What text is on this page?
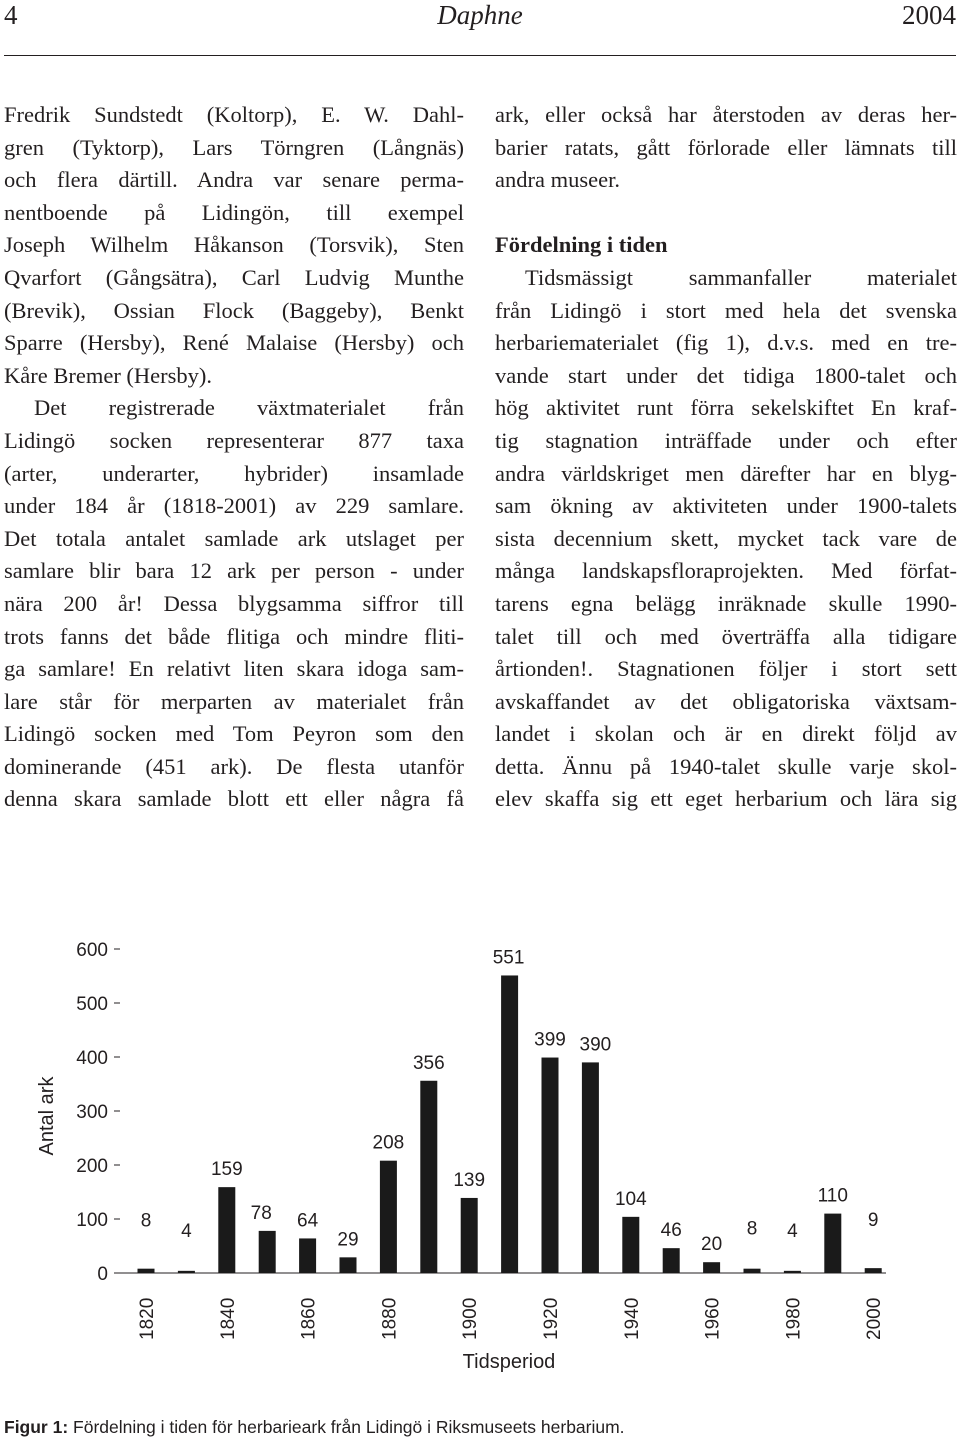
4	Daphne	2004
Fredrik Sundstedt (Koltorp), E. W. Dahl-
gren (Tyktorp), Lars Törngren (Långnäs)
och flera därtill. Andra var senare perma-
nentboende på Lidingön, till exempel
Joseph Wilhelm Håkanson (Torsvik), Sten
Qvarfort (Gångsätra), Carl Ludvig Munthe
(Brevik), Ossian Flock (Baggeby), Benkt
Sparre (Hersby), René Malaise (Hersby) och
Kåre Bremer (Hersby).
Det registrerade växtmaterialet från
Lidingö socken representerar 877 taxa
(arter, underarter, hybrider) insamlade
under 184 år (1818-2001) av 229 samlare.
Det totala antalet samlade ark utslaget per
samlare blir bara 12 ark per person - under
nära 200 år! Dessa blygsamma siffror till
trots fanns det både flitiga och mindre fliti-
ga samlare! En relativt liten skara idoga sam-
lare står för merparten av materialet från
Lidingö socken med Tom Peyron som den
dominerande (451 ark). De flesta utanför
denna skara samlade blott ett eller några få
ark, eller också har återstoden av deras her-
barier ratats, gått förlorade eller lämnats till
andra museer.
Fördelning i tiden
Tidsmässigt sammanfaller materialet
från Lidingö i stort med hela det svenska
herbariematerialet (fig 1), d.v.s. med en tre-
vande start under det tidiga 1800-talet och
hög aktivitet runt förra sekelskiftet En kraf-
tig stagnation inträffade under och efter
andra världskriget men därefter har en blyg-
sam ökning av aktiviteten under 1900-talets
sista decennium skett, mycket tack vare de
många landskapsfloraprojekten. Med förfat-
tarens egna belägg inräknade skulle 1990-
talet till och med överträffa alla tidigare
årtionden!. Stagnationen följer i stort sett
avskaffandet av det obligatoriska växtsam-
landet i skolan och är en direkt följd av
detta. Ännu på 1940-talet skulle varje skol-
elev skaffa sig ett eget herbarium och lära sig
0
100
200
300
400
500
600
8 4
159
78 64
29
208
356
139
551
399 390
104
46
20
8 4
110
9
1820	1840	1860	1880	1900	1920	1940	1960	1980	2000
Antal ark
Tidsperiod
Figur 1: Fördelning i tiden för herbarieark från Lidingö i Riksmuseets herbarium.
